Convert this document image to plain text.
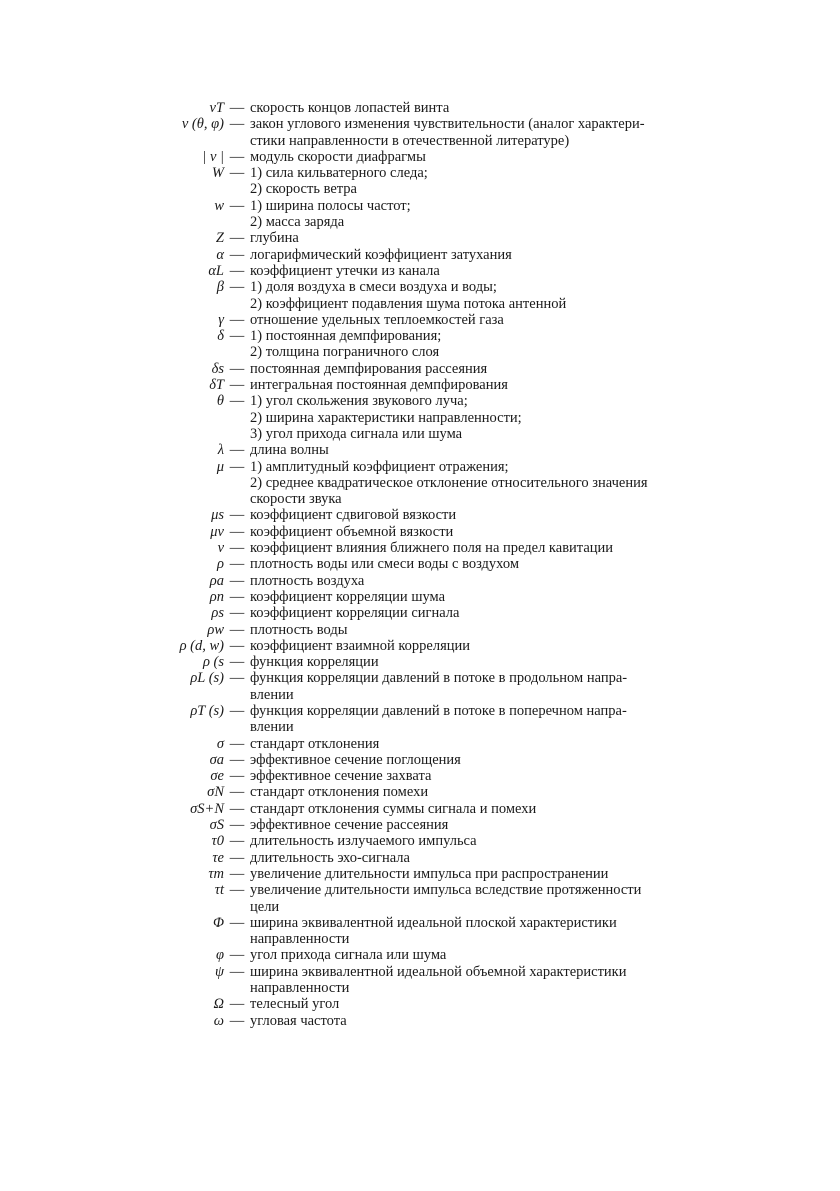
vT — скорость концов лопастей винта
v (θ, φ) — закон углового изменения чувствительности (аналог характери-
стики направленности в отечественной литературе)
| v | — модуль скорости диафрагмы
W — 1) сила кильватерного следа;
2) скорость ветра
w — 1) ширина полосы частот;
2) масса заряда
Z — глубина
α — логарифмический коэффициент затухания
αL — коэффициент утечки из канала
β — 1) доля воздуха в смеси воздуха и воды;
2) коэффициент подавления шума потока антенной
γ — отношение удельных теплоемкостей газа
δ — 1) постоянная демпфирования;
2) толщина пограничного слоя
δs — постоянная демпфирования рассеяния
δT — интегральная постоянная демпфирования
θ — 1) угол скольжения звукового луча;
2) ширина характеристики направленности;
3) угол прихода сигнала или шума
λ — длина волны
μ — 1) амплитудный коэффициент отражения;
2) среднее квадратическое отклонение относительного значения
скорости звука
μs — коэффициент сдвиговой вязкости
μv — коэффициент объемной вязкости
ν — коэффициент влияния ближнего поля на предел кавитации
ρ — плотность воды или смеси воды с воздухом
ρa — плотность воздуха
ρn — коэффициент корреляции шума
ρs — коэффициент корреляции сигнала
ρw — плотность воды
ρ (d, w) — коэффициент взаимной корреляции
ρ (s — функция корреляции
ρL (s) — функция корреляции давлений в потоке в продольном напра-
влении
ρT (s) — функция корреляции давлений в потоке в поперечном напра-
влении
σ — стандарт отклонения
σa — эффективное сечение поглощения
σe — эффективное сечение захвата
σN — стандарт отклонения помехи
σS+N — стандарт отклонения суммы сигнала и помехи
σS — эффективное сечение рассеяния
τ0 — длительность излучаемого импульса
τe — длительность эхо-сигнала
τm — увеличение длительности импульса при распространении
τt — увеличение длительности импульса вследствие протяженности
цели
Φ — ширина эквивалентной идеальной плоской характеристики
направленности
φ — угол прихода сигнала или шума
ψ — ширина эквивалентной идеальной объемной характеристики
направленности
Ω — телесный угол
ω — угловая частота
